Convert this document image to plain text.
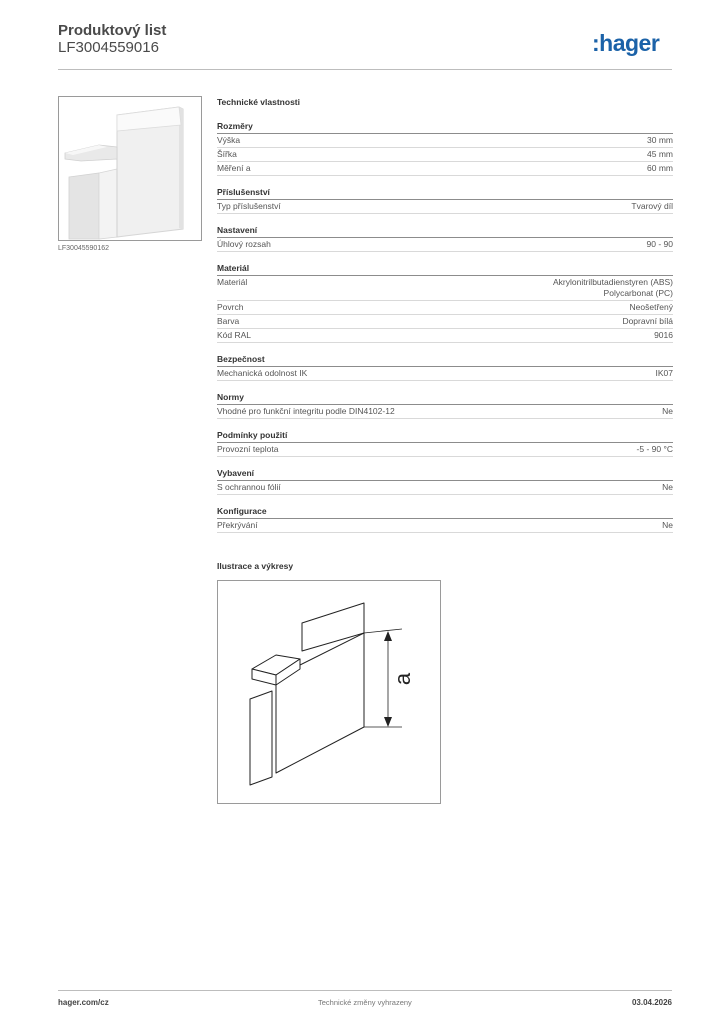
Produktový list
LF3004559016	:hager
LF30045590162
Technické vlastnosti
Rozměry
Výška	30 mm
Šířka	45 mm
Měření a	60 mm
Příslušenství
Typ příslušenství	Tvarový díl
Nastavení
Úhlový rozsah	90 - 90
Materiál
Materiál	Akrylonitrilbutadienstyren (ABS)
Polycarbonat (PC)
Povrch	Neošetřený
Barva	Dopravní bílá
Kód RAL	9016
Bezpečnost
Mechanická odolnost IK	IK07
Normy
Vhodné pro funkční integritu podle DIN4102-12	Ne
Podmínky použití
Provozní teplota	-5 - 90 °C
Vybavení
S ochrannou fólií	Ne
Konfigurace
Překrývání	Ne
Ilustrace a výkresy
a
hager.com/cz	Technické změny vyhrazeny	03.04.2026
